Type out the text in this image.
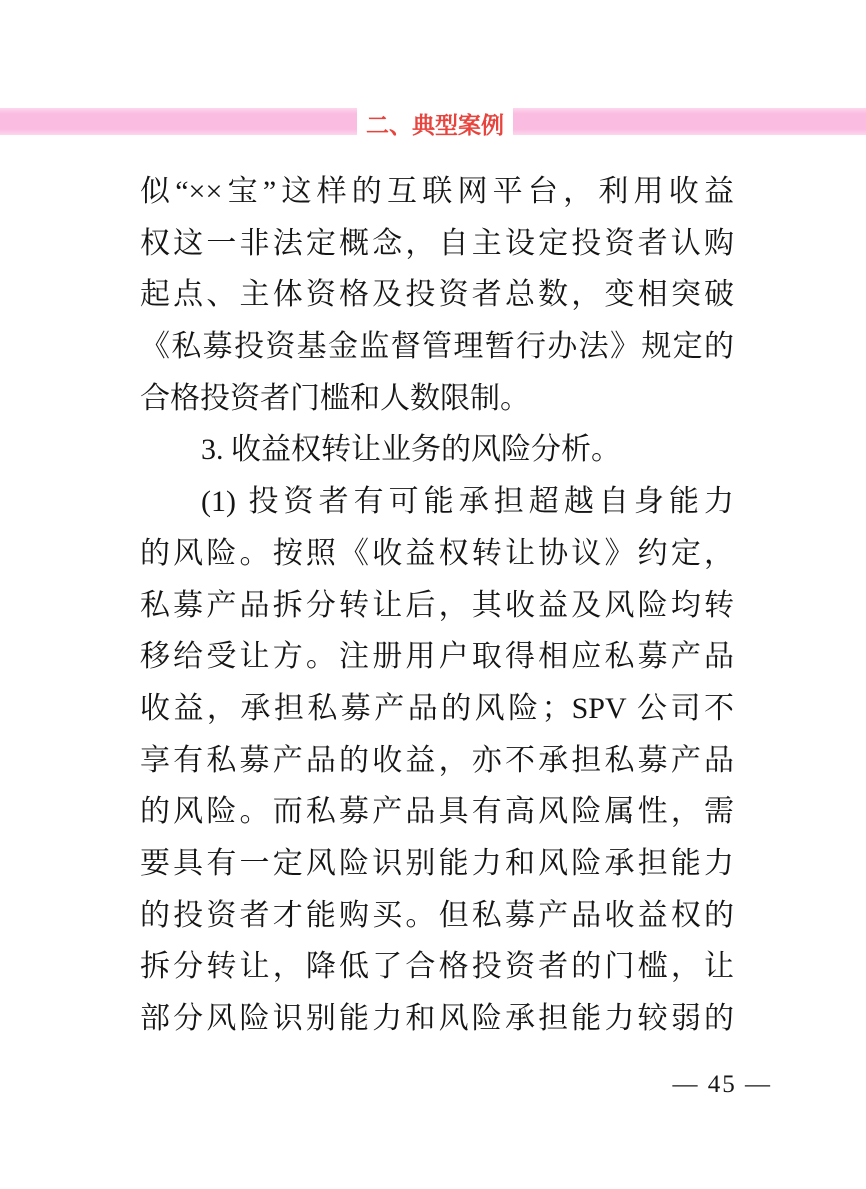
二、典型案例
似“××宝”这样的互联网平台，利用收益
权这一非法定概念，自主设定投资者认购
起点、主体资格及投资者总数，变相突破
《私募投资基金监督管理暂行办法》规定的
合格投资者门槛和人数限制。
3. 收益权转让业务的风险分析。
(1) 投资者有可能承担超越自身能力
的风险。按照《收益权转让协议》约定，
私募产品拆分转让后，其收益及风险均转
移给受让方。注册用户取得相应私募产品
收益，承担私募产品的风险；SPV 公司不
享有私募产品的收益，亦不承担私募产品
的风险。而私募产品具有高风险属性，需
要具有一定风险识别能力和风险承担能力
的投资者才能购买。但私募产品收益权的
拆分转让，降低了合格投资者的门槛，让
部分风险识别能力和风险承担能力较弱的
— 45 —
